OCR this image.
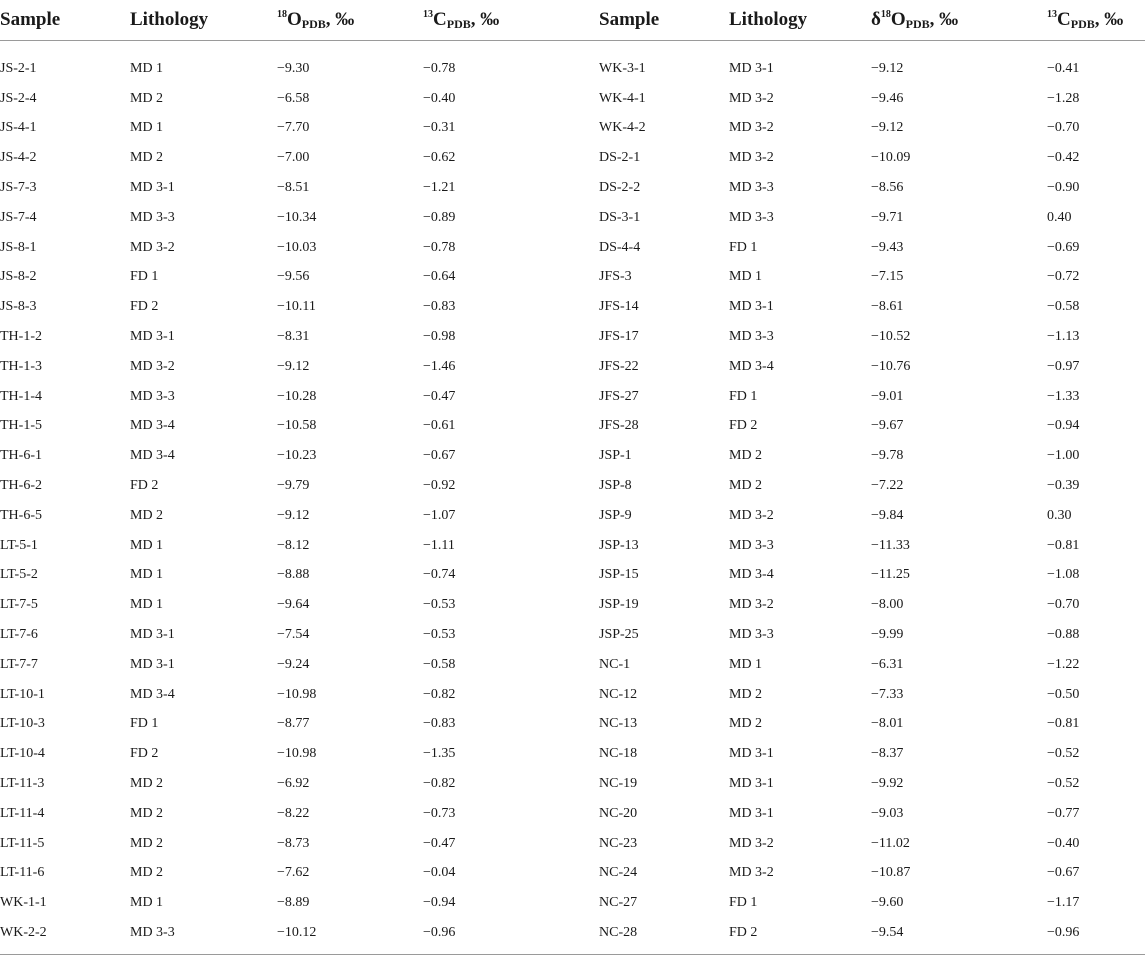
Sample	Lithology	$^{18}O_{PDB}$, ‰	$^{13}C_{PDB}$, ‰	Sample	Lithology	$\delta^{18}O_{PDB}$, ‰	$^{13}C_{PDB}$, ‰
JS-2-1	MD 1	−9.30	−0.78	WK-3-1	MD 3-1	−9.12	−0.41
JS-2-4	MD 2	−6.58	−0.40	WK-4-1	MD 3-2	−9.46	−1.28
JS-4-1	MD 1	−7.70	−0.31	WK-4-2	MD 3-2	−9.12	−0.70
JS-4-2	MD 2	−7.00	−0.62	DS-2-1	MD 3-2	−10.09	−0.42
JS-7-3	MD 3-1	−8.51	−1.21	DS-2-2	MD 3-3	−8.56	−0.90
JS-7-4	MD 3-3	−10.34	−0.89	DS-3-1	MD 3-3	−9.71	0.40
JS-8-1	MD 3-2	−10.03	−0.78	DS-4-4	FD 1	−9.43	−0.69
JS-8-2	FD 1	−9.56	−0.64	JFS-3	MD 1	−7.15	−0.72
JS-8-3	FD 2	−10.11	−0.83	JFS-14	MD 3-1	−8.61	−0.58
TH-1-2	MD 3-1	−8.31	−0.98	JFS-17	MD 3-3	−10.52	−1.13
TH-1-3	MD 3-2	−9.12	−1.46	JFS-22	MD 3-4	−10.76	−0.97
TH-1-4	MD 3-3	−10.28	−0.47	JFS-27	FD 1	−9.01	−1.33
TH-1-5	MD 3-4	−10.58	−0.61	JFS-28	FD 2	−9.67	−0.94
TH-6-1	MD 3-4	−10.23	−0.67	JSP-1	MD 2	−9.78	−1.00
TH-6-2	FD 2	−9.79	−0.92	JSP-8	MD 2	−7.22	−0.39
TH-6-5	MD 2	−9.12	−1.07	JSP-9	MD 3-2	−9.84	0.30
LT-5-1	MD 1	−8.12	−1.11	JSP-13	MD 3-3	−11.33	−0.81
LT-5-2	MD 1	−8.88	−0.74	JSP-15	MD 3-4	−11.25	−1.08
LT-7-5	MD 1	−9.64	−0.53	JSP-19	MD 3-2	−8.00	−0.70
LT-7-6	MD 3-1	−7.54	−0.53	JSP-25	MD 3-3	−9.99	−0.88
LT-7-7	MD 3-1	−9.24	−0.58	NC-1	MD 1	−6.31	−1.22
LT-10-1	MD 3-4	−10.98	−0.82	NC-12	MD 2	−7.33	−0.50
LT-10-3	FD 1	−8.77	−0.83	NC-13	MD 2	−8.01	−0.81
LT-10-4	FD 2	−10.98	−1.35	NC-18	MD 3-1	−8.37	−0.52
LT-11-3	MD 2	−6.92	−0.82	NC-19	MD 3-1	−9.92	−0.52
LT-11-4	MD 2	−8.22	−0.73	NC-20	MD 3-1	−9.03	−0.77
LT-11-5	MD 2	−8.73	−0.47	NC-23	MD 3-2	−11.02	−0.40
LT-11-6	MD 2	−7.62	−0.04	NC-24	MD 3-2	−10.87	−0.67
WK-1-1	MD 1	−8.89	−0.94	NC-27	FD 1	−9.60	−1.17
WK-2-2	MD 3-3	−10.12	−0.96	NC-28	FD 2	−9.54	−0.96
